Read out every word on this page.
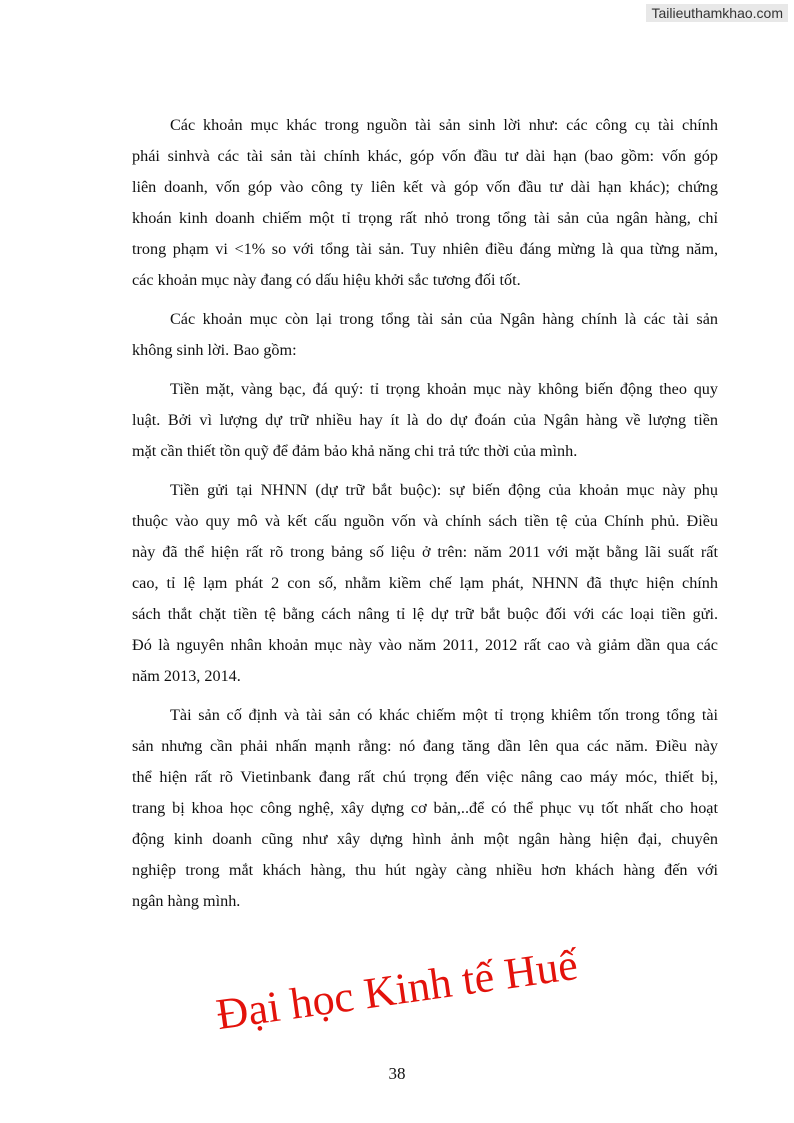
Tailieuthamkhao.com
Các khoản mục khác trong nguồn tài sản sinh lời như: các công cụ tài chính
phái sinhvà các tài sản tài chính khác, góp vốn đầu tư dài hạn (bao gồm: vốn góp
liên doanh, vốn góp vào công ty liên kết và góp vốn đầu tư dài hạn khác); chứng
khoán kinh doanh chiếm một tỉ trọng rất nhỏ trong tổng tài sản của ngân hàng, chỉ
trong phạm vi <1% so với tổng tài sản. Tuy nhiên điều đáng mừng là qua từng năm,
các khoản mục này đang có dấu hiệu khởi sắc tương đối tốt.
Các khoản mục còn lại trong tổng tài sản của Ngân hàng chính là các tài sản
không sinh lời. Bao gồm:
Tiền mặt, vàng bạc, đá quý: tỉ trọng khoản mục này không biến động theo quy
luật. Bởi vì lượng dự trữ nhiều hay ít là do dự đoán của Ngân hàng về lượng tiền
mặt cần thiết tồn quỹ để đảm bảo khả năng chi trả tức thời của mình.
Tiền gửi tại NHNN (dự trữ bắt buộc): sự biến động của khoản mục này phụ
thuộc vào quy mô và kết cấu nguồn vốn và chính sách tiền tệ của Chính phủ. Điều
này đã thể hiện rất rõ trong bảng số liệu ở trên: năm 2011 với mặt bằng lãi suất rất
cao, tỉ lệ lạm phát 2 con số, nhằm kiềm chế lạm phát, NHNN đã thực hiện chính
sách thắt chặt tiền tệ bằng cách nâng tỉ lệ dự trữ bắt buộc đối với các loại tiền gửi.
Đó là nguyên nhân khoản mục này vào năm 2011, 2012 rất cao và giảm dần qua các
năm 2013, 2014.
Tài sản cố định và tài sản có khác chiếm một tỉ trọng khiêm tốn trong tổng tài
sản nhưng cần phải nhấn mạnh rằng: nó đang tăng dần lên qua các năm. Điều này
thể hiện rất rõ Vietinbank đang rất chú trọng đến việc nâng cao máy móc, thiết bị,
trang bị khoa học công nghệ, xây dựng cơ bản,..để có thể phục vụ tốt nhất cho hoạt
động kinh doanh cũng như xây dựng hình ảnh một ngân hàng hiện đại, chuyên
nghiệp trong mắt khách hàng, thu hút ngày càng nhiều hơn khách hàng đến với
ngân hàng mình.
Đại học Kinh tế Huế
38
